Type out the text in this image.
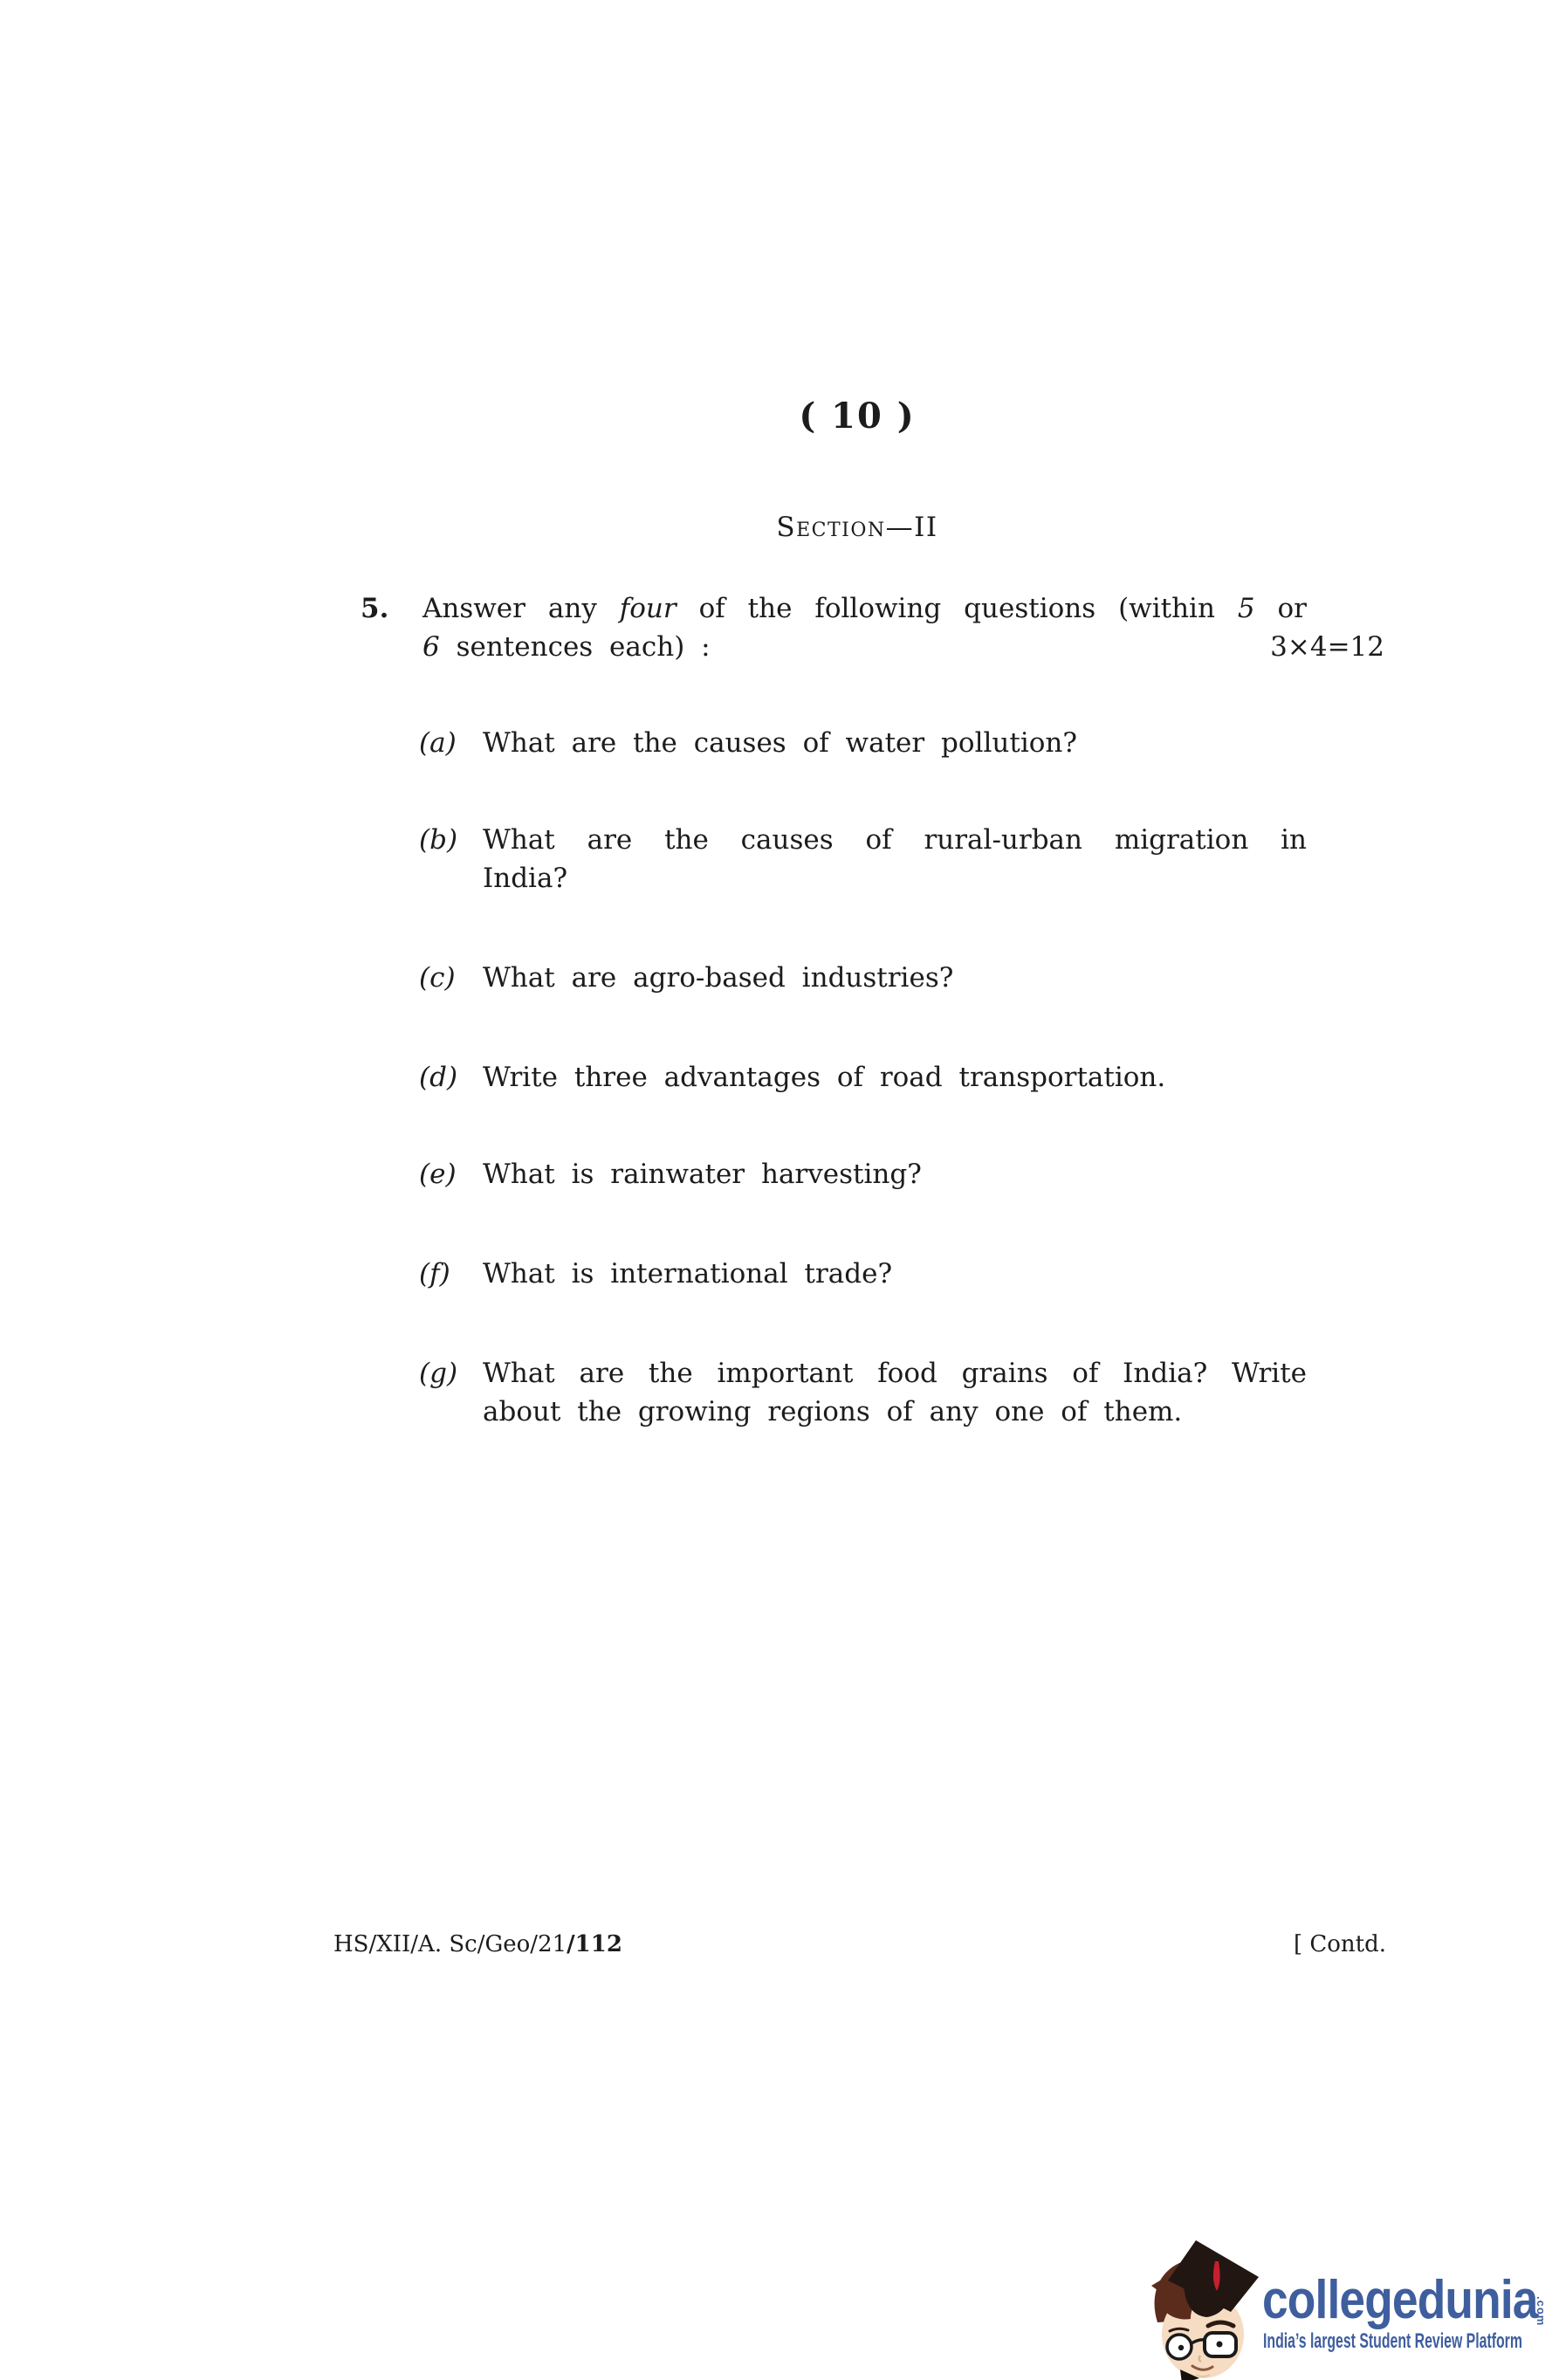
( 10 )
Section—II
5. Answer any four of the following questions (within 5 or
6 sentences each) :	3×4=12
(a) What are the causes of water pollution?
(b) What are the causes of rural-urban migration in
India?
(c) What are agro-based industries?
(d) Write three advantages of road transportation.
(e) What is rainwater harvesting?
(f) What is international trade?
(g) What are the important food grains of India? Write
about the growing regions of any one of them.
HS/XII/A. Sc/Geo/21/112	[ Contd.
collegedunia
India’s largest Student Review Platform
.com
